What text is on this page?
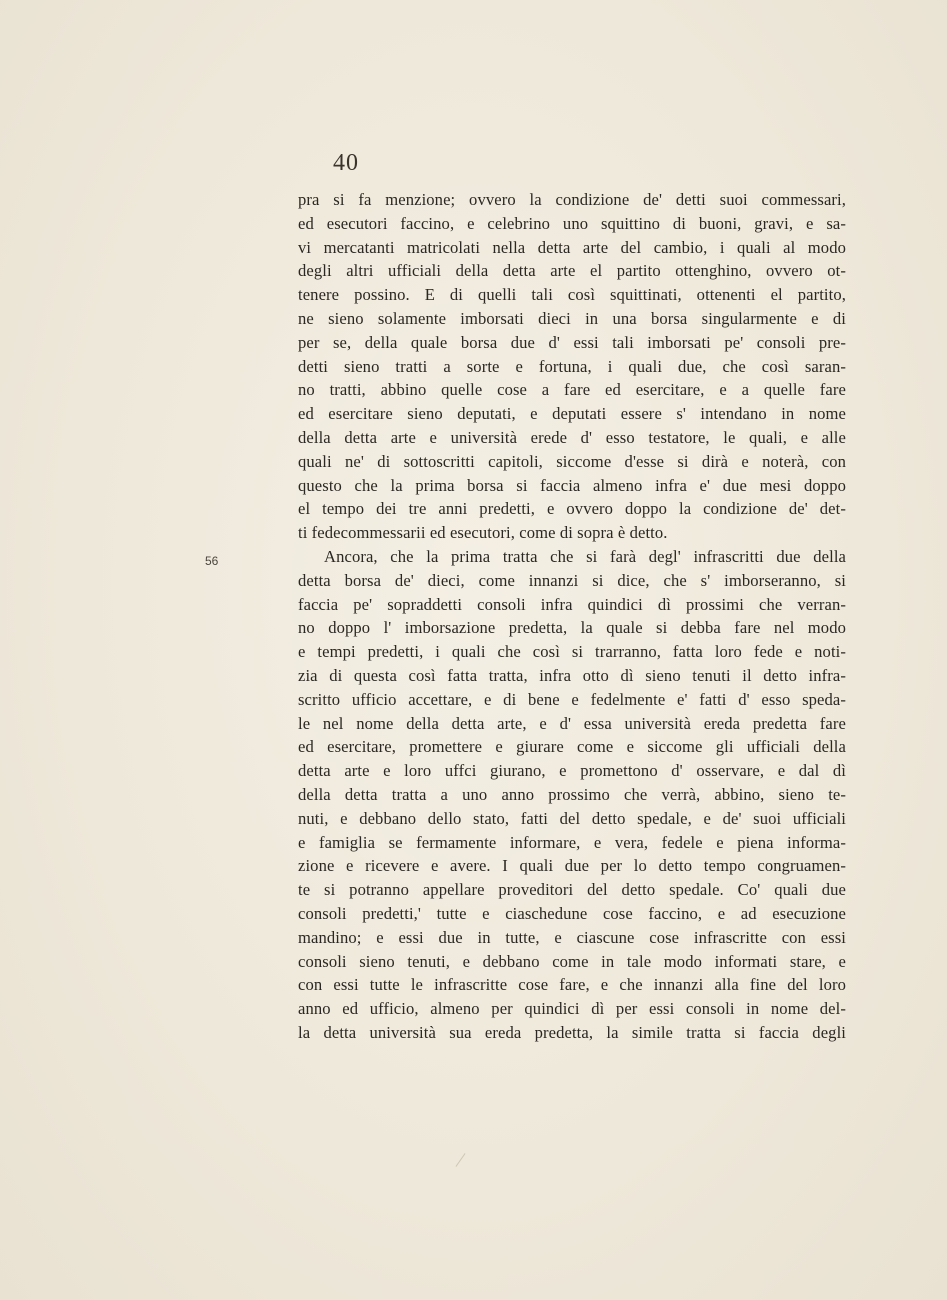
40
56
pra si fa menzione; ovvero la condizione de' detti suoi commessari,
ed esecutori faccino, e celebrino uno squittino di buoni, gravi, e sa-
vi mercatanti matricolati nella detta arte del cambio, i quali al modo
degli altri ufficiali della detta arte el partito ottenghino, ovvero ot-
tenere possino. E di quelli tali così squittinati, ottenenti el partito,
ne sieno solamente imborsati dieci in una borsa singularmente e di
per se, della quale borsa due d' essi tali imborsati pe' consoli pre-
detti sieno tratti a sorte e fortuna, i quali due, che così saran-
no tratti, abbino quelle cose a fare ed esercitare, e a quelle fare
ed esercitare sieno deputati, e deputati essere s' intendano in nome
della detta arte e università erede d' esso testatore, le quali, e alle
quali ne' di sottoscritti capitoli, siccome d'esse si dirà e noterà, con
questo che la prima borsa si faccia almeno infra e' due mesi doppo
el tempo dei tre anni predetti, e ovvero doppo la condizione de' det-
ti fedecommessarii ed esecutori, come di sopra è detto.
Ancora, che la prima tratta che si farà degl' infrascritti due della
detta borsa de' dieci, come innanzi si dice, che s' imborseranno, si
faccia pe' sopraddetti consoli infra quindici dì prossimi che verran-
no doppo l' imborsazione predetta, la quale si debba fare nel modo
e tempi predetti, i quali che così si trarranno, fatta loro fede e noti-
zia di questa così fatta tratta, infra otto dì sieno tenuti il detto infra-
scritto ufficio accettare, e di bene e fedelmente e' fatti d' esso speda-
le nel nome della detta arte, e d' essa università ereda predetta fare
ed esercitare, promettere e giurare come e siccome gli ufficiali della
detta arte e loro uffci giurano, e promettono d' osservare, e dal dì
della detta tratta a uno anno prossimo che verrà, abbino, sieno te-
nuti, e debbano dello stato, fatti del detto spedale, e de' suoi ufficiali
e famiglia se fermamente informare, e vera, fedele e piena informa-
zione e ricevere e avere. I quali due per lo detto tempo congruamen-
te si potranno appellare proveditori del detto spedale. Co' quali due
consoli predetti,' tutte e ciaschedune cose faccino, e ad esecuzione
mandino; e essi due in tutte, e ciascune cose infrascritte con essi
consoli sieno tenuti, e debbano come in tale modo informati stare, e
con essi tutte le infrascritte cose fare, e che innanzi alla fine del loro
anno ed ufficio, almeno per quindici dì per essi consoli in nome del-
la detta università sua ereda predetta, la simile tratta si faccia degli
